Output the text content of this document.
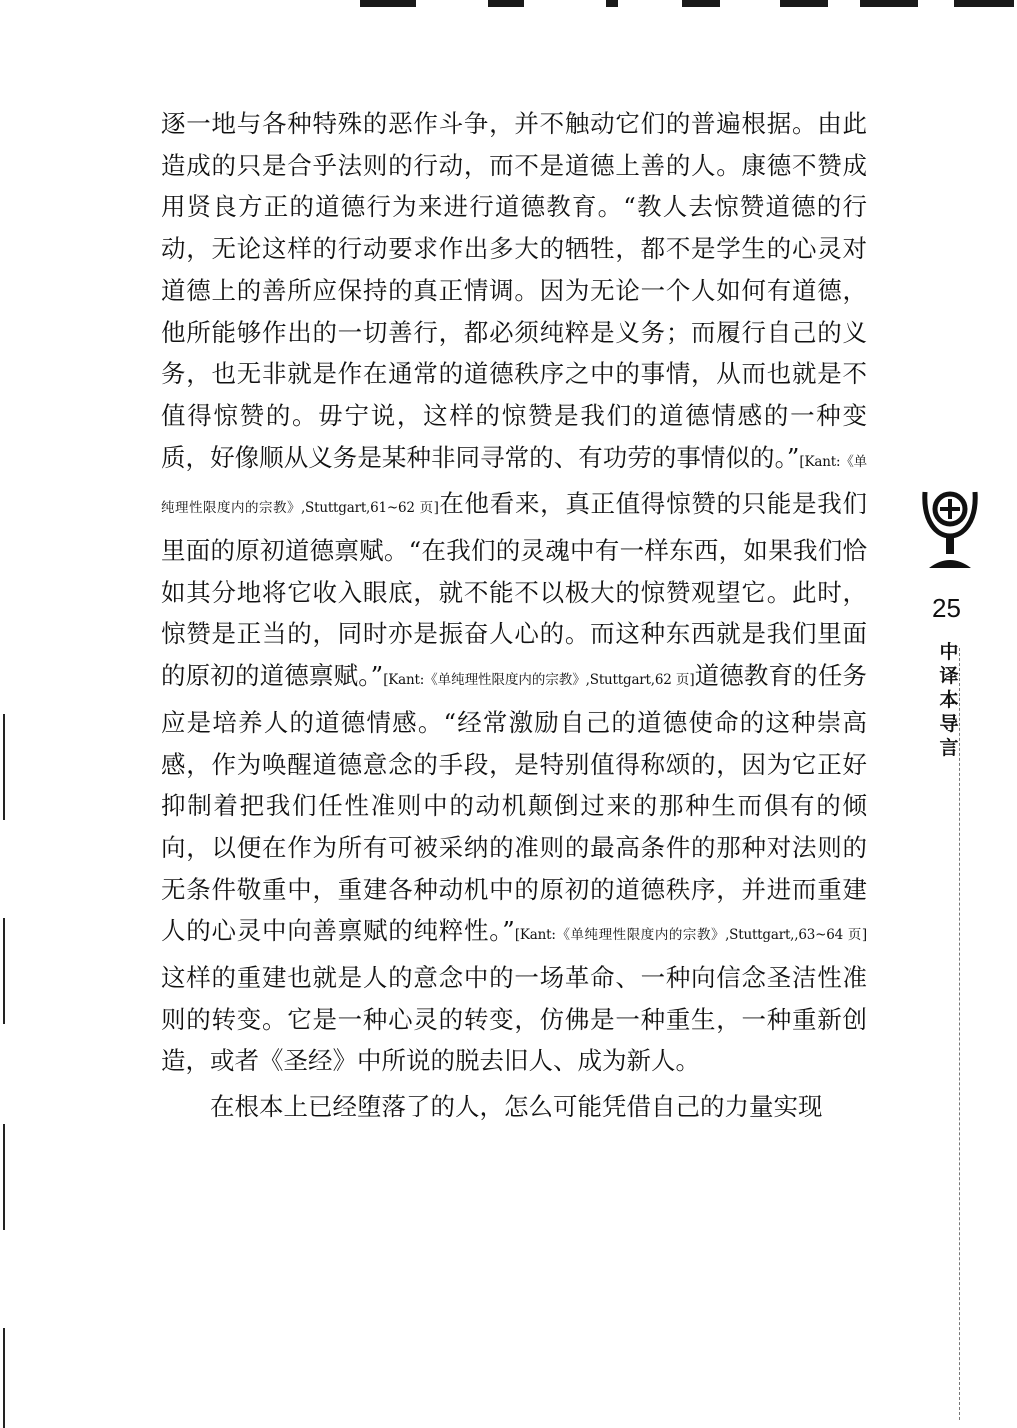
逐一地与各种特殊的恶作斗争，并不触动它们的普遍根据。由此造成的只是合乎法则的行动，而不是道德上善的人。康德不赞成用贤良方正的道德行为来进行道德教育。“教人去惊赞道德的行动，无论这样的行动要求作出多大的牺牲，都不是学生的心灵对道德上的善所应保持的真正情调。因为无论一个人如何有道德，他所能够作出的一切善行，都必须纯粹是义务；而履行自己的义务，也无非就是作在通常的道德秩序之中的事情，从而也就是不值得惊赞的。毋宁说，这样的惊赞是我们的道德情感的一种变质，好像顺从义务是某种非同寻常的、有功劳的事情似的。”[Kant:《单纯理性限度内的宗教》,Stuttgart,61~62 页]在他看来，真正值得惊赞的只能是我们里面的原初道德禀赋。“在我们的灵魂中有一样东西，如果我们恰如其分地将它收入眼底，就不能不以极大的惊赞观望它。此时，惊赞是正当的，同时亦是振奋人心的。而这种东西就是我们里面的原初的道德禀赋。”[Kant:《单纯理性限度内的宗教》,Stuttgart,62 页]道德教育的任务应是培养人的道德情感。“经常激励自己的道德使命的这种崇高感，作为唤醒道德意念的手段，是特别值得称颂的，因为它正好抑制着把我们任性准则中的动机颠倒过来的那种生而俱有的倾向，以便在作为所有可被采纳的准则的最高条件的那种对法则的无条件敬重中，重建各种动机中的原初的道德秩序，并进而重建人的心灵中向善禀赋的纯粹性。”[Kant:《单纯理性限度内的宗教》,Stuttgart,,63~64 页]这样的重建也就是人的意念中的一场革命、一种向信念圣洁性准则的转变。它是一种心灵的转变，仿佛是一种重生，一种重新创造，或者《圣经》中所说的脱去旧人、成为新人。

在根本上已经堕落了的人，怎么可能凭借自己的力量实现

25
中
译
本
导
言
